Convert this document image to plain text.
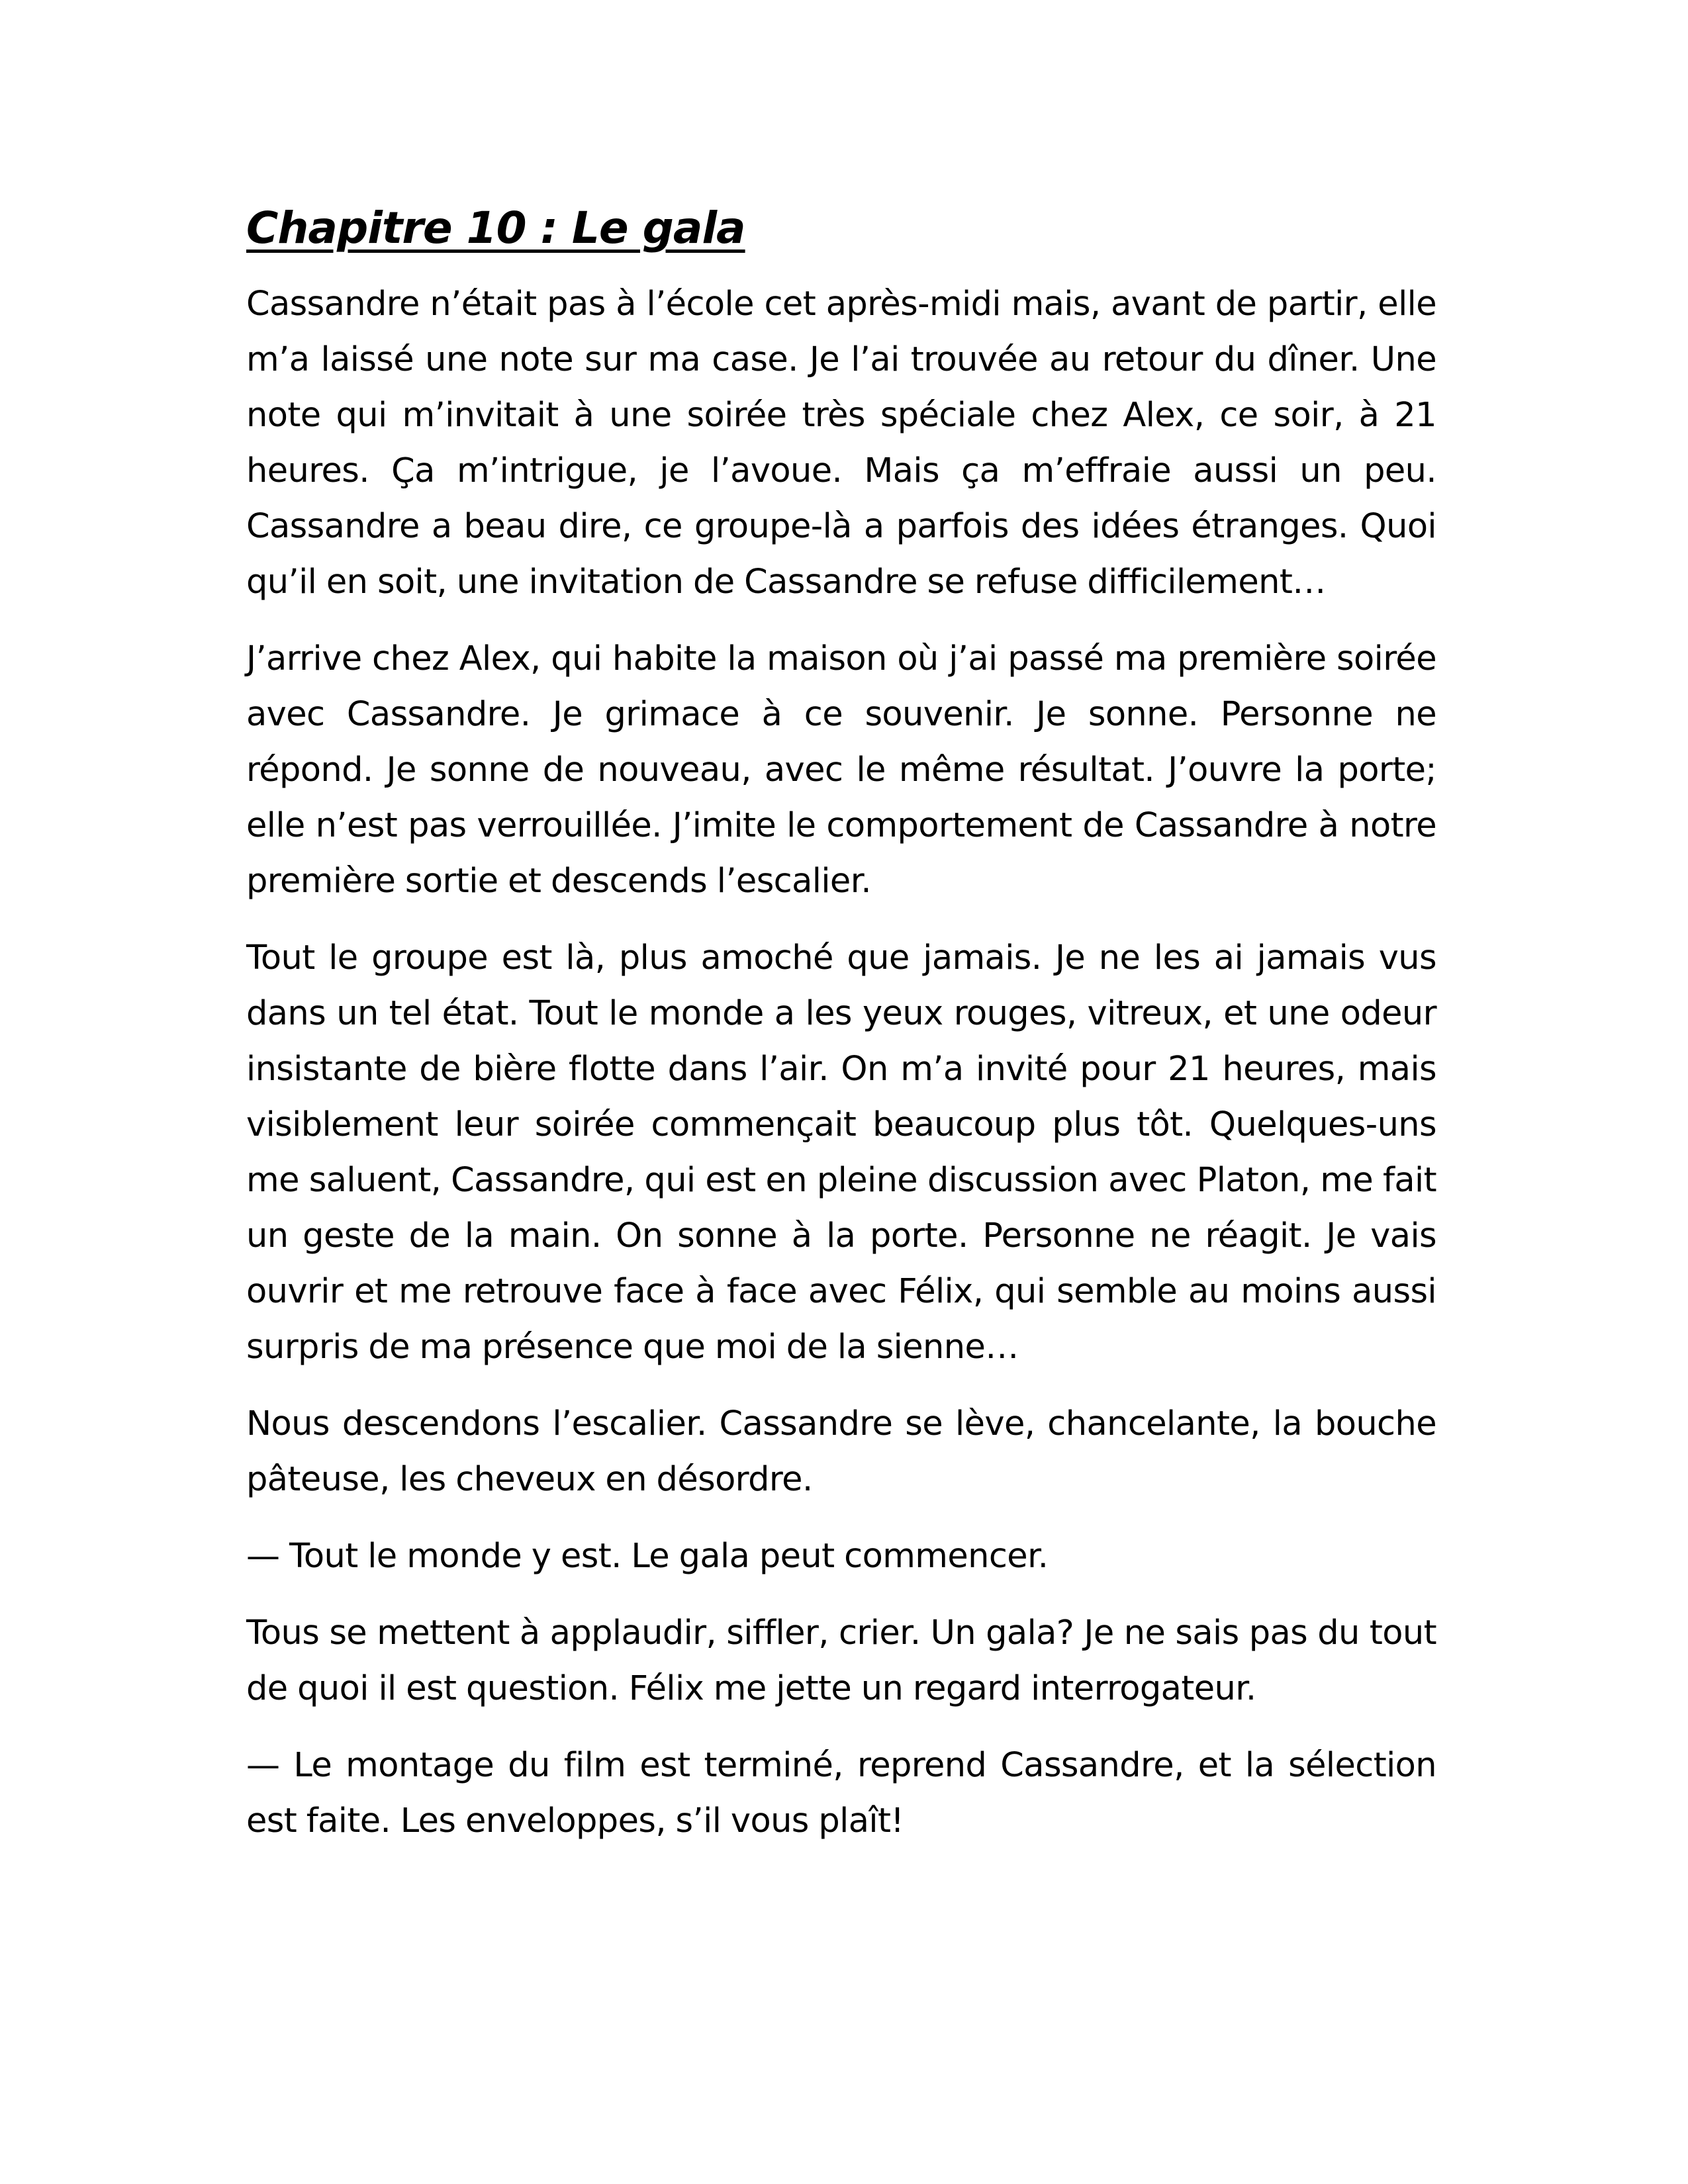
Chapitre 10 : Le gala

Cassandre n’était pas à l’école cet après-midi mais, avant de partir, elle m’a laissé une note sur ma case. Je l’ai trouvée au retour du dîner. Une note qui m’invitait à une soirée très spéciale chez Alex, ce soir, à 21 heures. Ça m’intrigue, je l’avoue. Mais ça m’effraie aussi un peu. Cassandre a beau dire, ce groupe-là a parfois des idées étranges. Quoi qu’il en soit, une invitation de Cassandre se refuse difficilement…

J’arrive chez Alex, qui habite la maison où j’ai passé ma première soirée avec Cassandre. Je grimace à ce souvenir. Je sonne. Personne ne répond. Je sonne de nouveau, avec le même résultat. J’ouvre la porte; elle n’est pas verrouillée. J’imite le comportement de Cassandre à notre première sortie et descends l’escalier.

Tout le groupe est là, plus amoché que jamais. Je ne les ai jamais vus dans un tel état. Tout le monde a les yeux rouges, vitreux, et une odeur insistante de bière flotte dans l’air. On m’a invité pour 21 heures, mais visiblement leur soirée commençait beaucoup plus tôt. Quelques-uns me saluent, Cassandre, qui est en pleine discussion avec Platon, me fait un geste de la main. On sonne à la porte. Personne ne réagit. Je vais ouvrir et me retrouve face à face avec Félix, qui semble au moins aussi surpris de ma présence que moi de la sienne…

Nous descendons l’escalier. Cassandre se lève, chancelante, la bouche pâteuse, les cheveux en désordre.

— Tout le monde y est. Le gala peut commencer.

Tous se mettent à applaudir, siffler, crier. Un gala? Je ne sais pas du tout de quoi il est question. Félix me jette un regard interrogateur.

— Le montage du film est terminé, reprend Cassandre, et la sélection est faite. Les enveloppes, s’il vous plaît!
